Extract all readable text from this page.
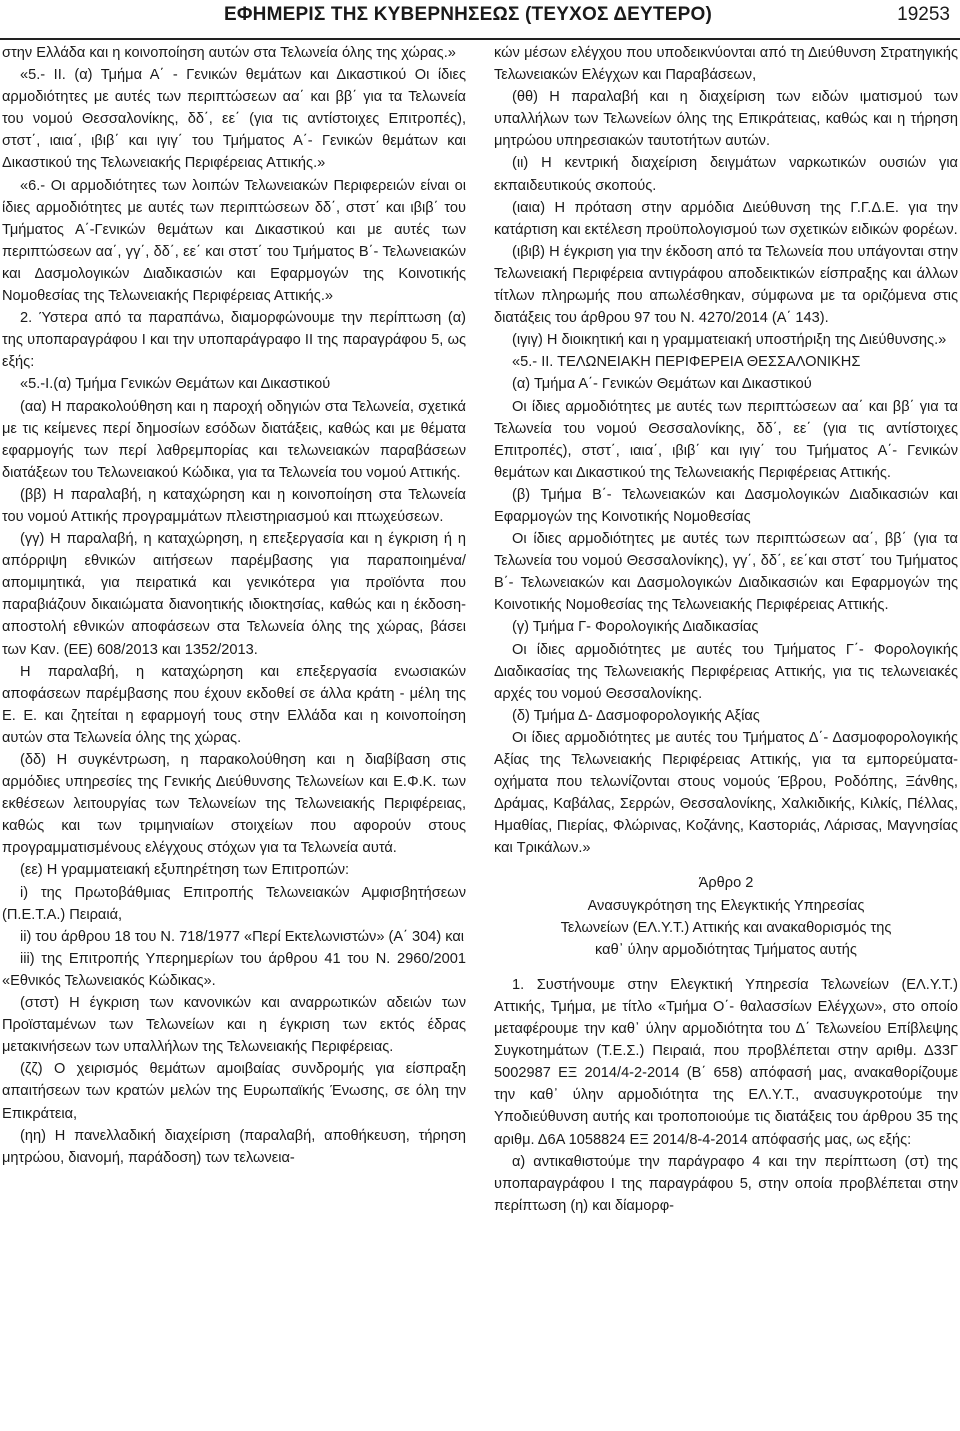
ΕΦΗΜΕΡΙΣ ΤΗΣ ΚΥΒΕΡΝΗΣΕΩΣ (ΤΕΥΧΟΣ ΔΕΥΤΕΡΟ)	19253

στην Ελλάδα και η κοινοποίηση αυτών στα Τελωνεία όλης της χώρας.»

«5.- ΙΙ. (α) Τμήμα Α΄ - Γενικών θεμάτων και Δικαστικού Οι ίδιες αρμοδιότητες με αυτές των περιπτώσεων αα΄ και ββ΄ για τα Τελωνεία του νομού Θεσσαλονίκης, δδ΄, εε΄ (για τις αντίστοιχες Επιτροπές), στστ΄, ιαια΄, ιβιβ΄ και ιγιγ΄ του Τμήματος Α΄- Γενικών θεμάτων και Δικαστικού της Τελωνειακής Περιφέρειας Αττικής.»

«6.- Οι αρμοδιότητες των λοιπών Τελωνειακών Περιφερειών είναι οι ίδιες αρμοδιότητες με αυτές των περιπτώσεων δδ΄, στστ΄ και ιβιβ΄ του Τμήματος Α΄-Γενικών θεμάτων και Δικαστικού και με αυτές των περιπτώσεων αα΄, γγ΄, δδ΄, εε΄ και στστ΄ του Τμήματος Β΄- Τελωνειακών και Δασμολογικών Διαδικασιών και Εφαρμογών της Κοινοτικής Νομοθεσίας της Τελωνειακής Περιφέρειας Αττικής.»

2. Ύστερα από τα παραπάνω, διαμορφώνουμε την περίπτωση (α) της υποπαραγράφου Ι και την υποπαράγραφο ΙΙ της παραγράφου 5, ως εξής:

«5.-Ι.(α) Τμήμα Γενικών Θεμάτων και Δικαστικού

(αα) Η παρακολούθηση και η παροχή οδηγιών στα Τελωνεία, σχετικά με τις κείμενες περί δημοσίων εσόδων διατάξεις, καθώς και με θέματα εφαρμογής των περί λαθρεμπορίας και τελωνειακών παραβάσεων διατάξεων του Τελωνειακού Κώδικα, για τα Τελωνεία του νομού Αττικής.

(ββ) Η παραλαβή, η καταχώρηση και η κοινοποίηση στα Τελωνεία του νομού Αττικής προγραμμάτων πλειστηριασμού και πτωχεύσεων.

(γγ) Η παραλαβή, η καταχώρηση, η επεξεργασία και η έγκριση ή η απόρριψη εθνικών αιτήσεων παρέμβασης για παραποιημένα/απομιμητικά, για πειρατικά και γενικότερα για προϊόντα που παραβιάζουν δικαιώματα διανοητικής ιδιοκτησίας, καθώς και η έκδοση-αποστολή εθνικών αποφάσεων στα Τελωνεία όλης της χώρας, βάσει των Καν. (ΕΕ) 608/2013 και 1352/2013.

Η παραλαβή, η καταχώρηση και επεξεργασία ενωσιακών αποφάσεων παρέμβασης που έχουν εκδοθεί σε άλλα κράτη - μέλη της Ε. Ε. και ζητείται η εφαρμογή τους στην Ελλάδα και η κοινοποίηση αυτών στα Τελωνεία όλης της χώρας.

(δδ) Η συγκέντρωση, η παρακολούθηση και η διαβίβαση στις αρμόδιες υπηρεσίες της Γενικής Διεύθυνσης Τελωνείων και Ε.Φ.Κ. των εκθέσεων λειτουργίας των Τελωνείων της Τελωνειακής Περιφέρειας, καθώς και των τριμηνιαίων στοιχείων που αφορούν στους προγραμματισμένους ελέγχους στόχων για τα Τελωνεία αυτά.

(εε) Η γραμματειακή εξυπηρέτηση των Επιτροπών:

i) της Πρωτοβάθμιας Επιτροπής Τελωνειακών Αμφισβητήσεων (Π.Ε.Τ.Α.) Πειραιά,

ii) του άρθρου 18 του Ν. 718/1977 «Περί Εκτελωνιστών» (Α΄ 304) και

iii) της Επιτροπής Υπερημερίων του άρθρου 41 του Ν. 2960/2001 «Εθνικός Τελωνειακός Κώδικας».

(στστ) Η έγκριση των κανονικών και αναρρωτικών αδειών των Προϊσταμένων των Τελωνείων και η έγκριση των εκτός έδρας μετακινήσεων των υπαλλήλων της Τελωνειακής Περιφέρειας.

(ζζ) Ο χειρισμός θεμάτων αμοιβαίας συνδρομής για είσπραξη απαιτήσεων των κρατών μελών της Ευρωπαϊκής Ένωσης, σε όλη την Επικράτεια,

(ηη) Η πανελλαδική διαχείριση (παραλαβή, αποθήκευση, τήρηση μητρώου, διανομή, παράδοση) των τελωνεια-

κών μέσων ελέγχου που υποδεικνύονται από τη Διεύθυνση Στρατηγικής Τελωνειακών Ελέγχων και Παραβάσεων,

(θθ) Η παραλαβή και η διαχείριση των ειδών ιματισμού των υπαλλήλων των Τελωνείων όλης της Επικράτειας, καθώς και η τήρηση μητρώου υπηρεσιακών ταυτοτήτων αυτών.

(ιι) Η κεντρική διαχείριση δειγμάτων ναρκωτικών ουσιών για εκπαιδευτικούς σκοπούς.

(ιαια) Η πρόταση στην αρμόδια Διεύθυνση της Γ.Γ.Δ.Ε. για την κατάρτιση και εκτέλεση προϋπολογισμού των σχετικών ειδικών φορέων.

(ιβιβ) Η έγκριση για την έκδοση από τα Τελωνεία που υπάγονται στην Τελωνειακή Περιφέρεια αντιγράφου αποδεικτικών είσπραξης και άλλων τίτλων πληρωμής που απωλέσθηκαν, σύμφωνα με τα οριζόμενα στις διατάξεις του άρθρου 97 του Ν. 4270/2014 (Α΄ 143).

(ιγιγ) Η διοικητική και η γραμματειακή υποστήριξη της Διεύθυνσης.»

«5.- ΙΙ. ΤΕΛΩΝΕΙΑΚΗ ΠΕΡΙΦΕΡΕΙΑ ΘΕΣΣΑΛΟΝΙΚΗΣ

(α) Τμήμα Α΄- Γενικών Θεμάτων και Δικαστικού

Οι ίδιες αρμοδιότητες με αυτές των περιπτώσεων αα΄ και ββ΄ για τα Τελωνεία του νομού Θεσσαλονίκης, δδ΄, εε΄ (για τις αντίστοιχες Επιτροπές), στστ΄, ιαια΄, ιβιβ΄ και ιγιγ΄ του Τμήματος Α΄- Γενικών θεμάτων και Δικαστικού της Τελωνειακής Περιφέρειας Αττικής.

(β) Τμήμα Β΄- Τελωνειακών και Δασμολογικών Διαδικασιών και Εφαρμογών της Κοινοτικής Νομοθεσίας

Οι ίδιες αρμοδιότητες με αυτές των περιπτώσεων αα΄, ββ΄ (για τα Τελωνεία του νομού Θεσσαλονίκης), γγ΄, δδ΄, εε΄και στστ΄ του Τμήματος Β΄- Τελωνειακών και Δασμολογικών Διαδικασιών και Εφαρμογών της Κοινοτικής Νομοθεσίας της Τελωνειακής Περιφέρειας Αττικής.

(γ) Τμήμα Γ- Φορολογικής Διαδικασίας

Οι ίδιες αρμοδιότητες με αυτές του Τμήματος Γ΄- Φορολογικής Διαδικασίας της Τελωνειακής Περιφέρειας Αττικής, για τις τελωνειακές αρχές του νομού Θεσσαλονίκης.

(δ) Τμήμα Δ- Δασμοφορολογικής Αξίας

Οι ίδιες αρμοδιότητες με αυτές του Τμήματος Δ΄- Δασμοφορολογικής Αξίας της Τελωνειακής Περιφέρειας Αττικής, για τα εμπορεύματα-οχήματα που τελωνίζονται στους νομούς Έβρου, Ροδόπης, Ξάνθης, Δράμας, Καβάλας, Σερρών, Θεσσαλονίκης, Χαλκιδικής, Κιλκίς, Πέλλας, Ημαθίας, Πιερίας, Φλώρινας, Κοζάνης, Καστοριάς, Λάρισας, Μαγνησίας και Τρικάλων.»

Άρθρο 2

Ανασυγκρότηση της Ελεγκτικής Υπηρεσίας

Τελωνείων (ΕΛ.Υ.Τ.) Αττικής και ανακαθορισμός της

καθ᾽ ύλην αρμοδιότητας Τμήματος αυτής

1. Συστήνουμε στην Ελεγκτική Υπηρεσία Τελωνείων (ΕΛ.Υ.Τ.) Αττικής, Τμήμα, με τίτλο «Τμήμα Ο΄- θαλασσίων Ελέγχων», στο οποίο μεταφέρουμε την καθ᾽ ύλην αρμοδιότητα του Δ΄ Τελωνείου Επίβλεψης Συγκοτημάτων (Τ.Ε.Σ.) Πειραιά, που προβλέπεται στην αριθμ. Δ33Γ 5002987 ΕΞ 2014/4-2-2014 (Β΄ 658) απόφασή μας, ανακαθορίζουμε την καθ᾽ ύλην αρμοδιότητα της ΕΛ.Υ.Τ., ανασυγκροτούμε την Υποδιεύθυνση αυτής και τροποποιούμε τις διατάξεις του άρθρου 35 της αριθμ. Δ6Α 1058824 ΕΞ 2014/8-4-2014 απόφασής μας, ως εξής:

α) αντικαθιστούμε την παράγραφο 4 και την περίπτωση (στ) της υποπαραγράφου Ι της παραγράφου 5, στην οποία προβλέπεται στην περίπτωση (η) και δίαμορφ-
